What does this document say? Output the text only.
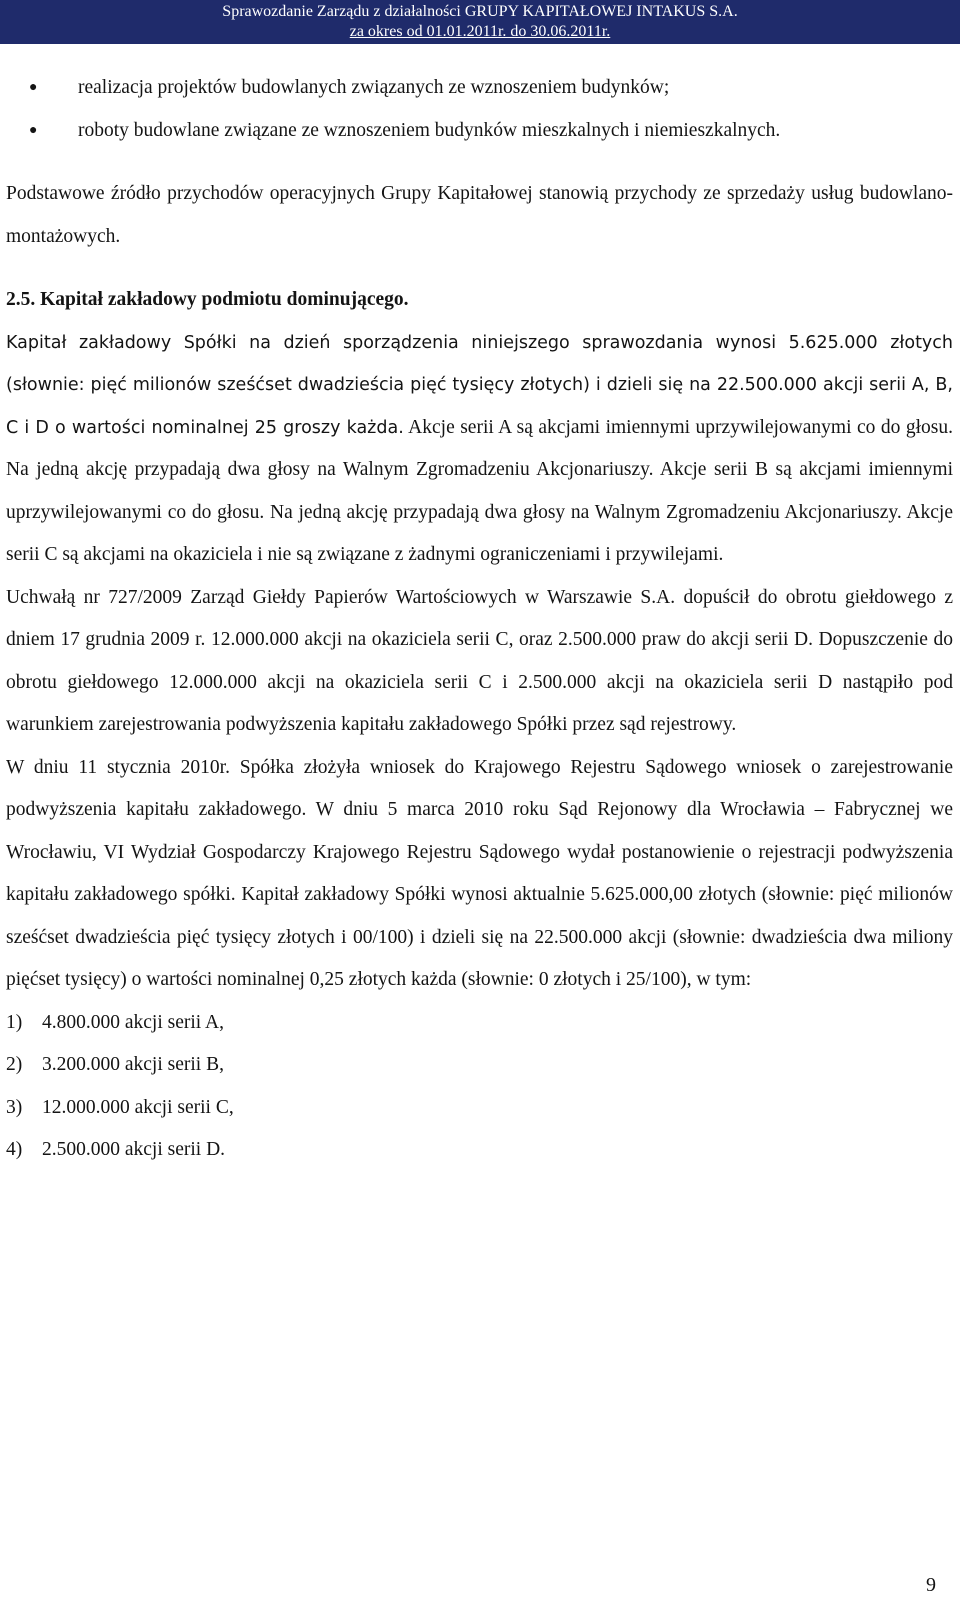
Sprawozdanie Zarządu z działalności GRUPY KAPITAŁOWEJ INTAKUS S.A.
za okres od 01.01.2011r. do 30.06.2011r.
● realizacja projektów budowlanych związanych ze wznoszeniem budynków;
● roboty budowlane związane ze wznoszeniem budynków mieszkalnych i niemieszkalnych.

Podstawowe źródło przychodów operacyjnych Grupy Kapitałowej stanowią przychody ze sprzedaży usług budowlano-montażowych.

2.5. Kapitał zakładowy podmiotu dominującego.

Kapitał zakładowy Spółki na dzień sporządzenia niniejszego sprawozdania wynosi 5.625.000 złotych (słownie: pięć milionów sześćset dwadzieścia pięć tysięcy złotych) i dzieli się na 22.500.000 akcji serii A, B, C i D o wartości nominalnej 25 groszy każda. Akcje serii A są akcjami imiennymi uprzywilejowanymi co do głosu. Na jedną akcję przypadają dwa głosy na Walnym Zgromadzeniu Akcjonariuszy. Akcje serii B są akcjami imiennymi uprzywilejowanymi co do głosu. Na jedną akcję przypadają dwa głosy na Walnym Zgromadzeniu Akcjonariuszy. Akcje serii C są akcjami na okaziciela i nie są związane z żadnymi ograniczeniami i przywilejami.

Uchwałą nr 727/2009 Zarząd Giełdy Papierów Wartościowych w Warszawie S.A. dopuścił do obrotu giełdowego z dniem 17 grudnia 2009 r. 12.000.000 akcji na okaziciela serii C, oraz 2.500.000 praw do akcji serii D. Dopuszczenie do obrotu giełdowego 12.000.000 akcji na okaziciela serii C i 2.500.000 akcji na okaziciela serii D nastąpiło pod warunkiem zarejestrowania podwyższenia kapitału zakładowego Spółki przez sąd rejestrowy.

W dniu 11 stycznia 2010r. Spółka złożyła wniosek do Krajowego Rejestru Sądowego wniosek o zarejestrowanie podwyższenia kapitału zakładowego. W dniu 5 marca 2010 roku Sąd Rejonowy dla Wrocławia – Fabrycznej we Wrocławiu, VI Wydział Gospodarczy Krajowego Rejestru Sądowego wydał postanowienie o rejestracji podwyższenia kapitału zakładowego spółki. Kapitał zakładowy Spółki wynosi aktualnie 5.625.000,00 złotych (słownie: pięć milionów sześćset dwadzieścia pięć tysięcy złotych i 00/100) i dzieli się na 22.500.000 akcji (słownie: dwadzieścia dwa miliony pięćset tysięcy) o wartości nominalnej 0,25 złotych każda (słownie: 0 złotych i 25/100), w tym:

1) 4.800.000 akcji serii A,
2) 3.200.000 akcji serii B,
3) 12.000.000 akcji serii C,
4) 2.500.000 akcji serii D.
9
